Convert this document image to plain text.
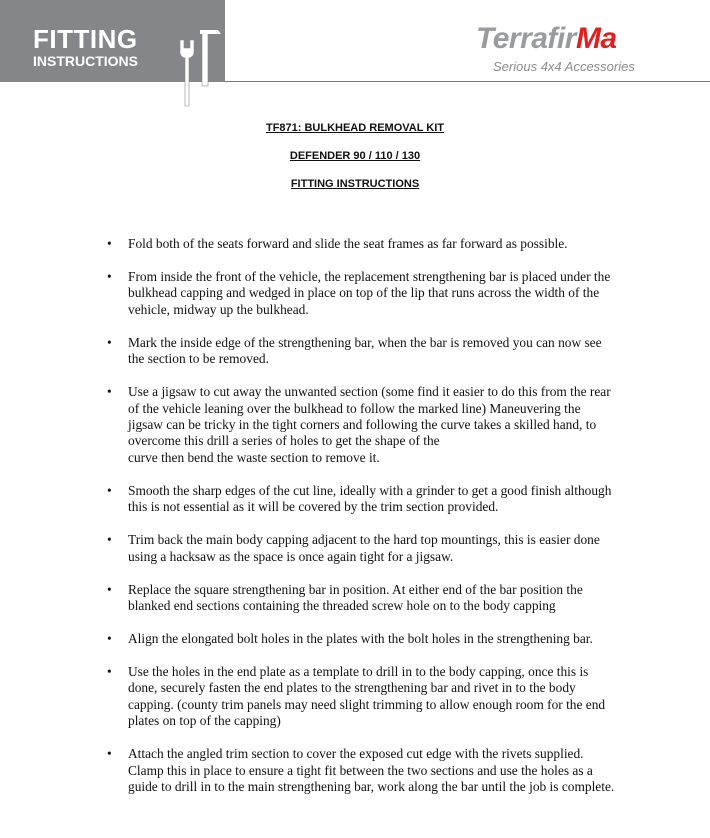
FITTING
INSTRUCTIONS
TerrafirMa
Serious 4x4 Accessories
TF871: BULKHEAD REMOVAL KIT
DEFENDER 90 / 110 / 130
FITTING INSTRUCTIONS
• Fold both of the seats forward and slide the seat frames as far forward as possible.
• From inside the front of the vehicle, the replacement strengthening bar is placed under the
bulkhead capping and wedged in place on top of the lip that runs across the width of the
vehicle, midway up the bulkhead.
• Mark the inside edge of the strengthening bar, when the bar is removed you can now see
the section to be removed.
• Use a jigsaw to cut away the unwanted section (some find it easier to do this from the rear
of the vehicle leaning over the bulkhead to follow the marked line) Maneuvering the
jigsaw can be tricky in the tight corners and following the curve takes a skilled hand, to
overcome this drill a series of holes to get the shape of the
curve then bend the waste section to remove it.
• Smooth the sharp edges of the cut line, ideally with a grinder to get a good finish although
this is not essential as it will be covered by the trim section provided.
• Trim back the main body capping adjacent to the hard top mountings, this is easier done
using a hacksaw as the space is once again tight for a jigsaw.
• Replace the square strengthening bar in position. At either end of the bar position the
blanked end sections containing the threaded screw hole on to the body capping
• Align the elongated bolt holes in the plates with the bolt holes in the strengthening bar.
• Use the holes in the end plate as a template to drill in to the body capping, once this is
done, securely fasten the end plates to the strengthening bar and rivet in to the body
capping. (county trim panels may need slight trimming to allow enough room for the end
plates on top of the capping)
• Attach the angled trim section to cover the exposed cut edge with the rivets supplied.
Clamp this in place to ensure a tight fit between the two sections and use the holes as a
guide to drill in to the main strengthening bar, work along the bar until the job is complete.
